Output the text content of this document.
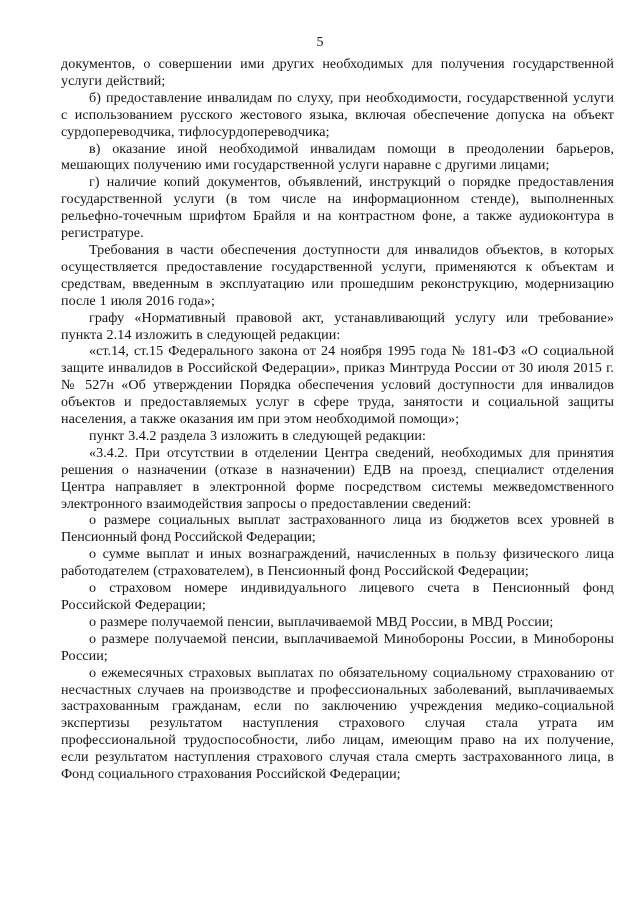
5

документов, о совершении ими других необходимых для получения государственной услуги действий;

б) предоставление инвалидам по слуху, при необходимости, государственной услуги с использованием русского жестового языка, включая обеспечение допуска на объект сурдопереводчика, тифлосурдопереводчика;

в) оказание иной необходимой инвалидам помощи в преодолении барьеров, мешающих получению ими государственной услуги наравне с другими лицами;

г) наличие копий документов, объявлений, инструкций о порядке предоставления государственной услуги (в том числе на информационном стенде), выполненных рельефно-точечным шрифтом Брайля и на контрастном фоне, а также аудиоконтура в регистратуре.

Требования в части обеспечения доступности для инвалидов объектов, в которых осуществляется предоставление государственной услуги, применяются к объектам и средствам, введенным в эксплуатацию или прошедшим реконструкцию, модернизацию после 1 июля 2016 года»;

графу «Нормативный правовой акт, устанавливающий услугу или требование» пункта 2.14 изложить в следующей редакции:

«ст.14, ст.15 Федерального закона от 24 ноября 1995 года № 181-ФЗ «О социальной защите инвалидов в Российской Федерации», приказ Минтруда России от 30 июля 2015 г. № 527н «Об утверждении Порядка обеспечения условий доступности для инвалидов объектов и предоставляемых услуг в сфере труда, занятости и социальной защиты населения, а также оказания им при этом необходимой помощи»;

пункт 3.4.2 раздела 3 изложить в следующей редакции:

«3.4.2. При отсутствии в отделении Центра сведений, необходимых для принятия решения о назначении (отказе в назначении) ЕДВ на проезд, специалист отделения Центра направляет в электронной форме посредством системы межведомственного электронного взаимодействия запросы о предоставлении сведений:

о размере социальных выплат застрахованного лица из бюджетов всех уровней в Пенсионный фонд Российской Федерации;

о сумме выплат и иных вознаграждений, начисленных в пользу физического лица работодателем (страхователем), в Пенсионный фонд Российской Федерации;

о страховом номере индивидуального лицевого счета в Пенсионный фонд Российской Федерации;

о размере получаемой пенсии, выплачиваемой МВД России, в МВД России;

о размере получаемой пенсии, выплачиваемой Минобороны России, в Минобороны России;

о ежемесячных страховых выплатах по обязательному социальному страхованию от несчастных случаев на производстве и профессиональных заболеваний, выплачиваемых застрахованным гражданам, если по заключению учреждения медико-социальной экспертизы результатом наступления страхового случая стала утрата им профессиональной трудоспособности, либо лицам, имеющим право на их получение, если результатом наступления страхового случая стала смерть застрахованного лица, в Фонд социального страхования Российской Федерации;
